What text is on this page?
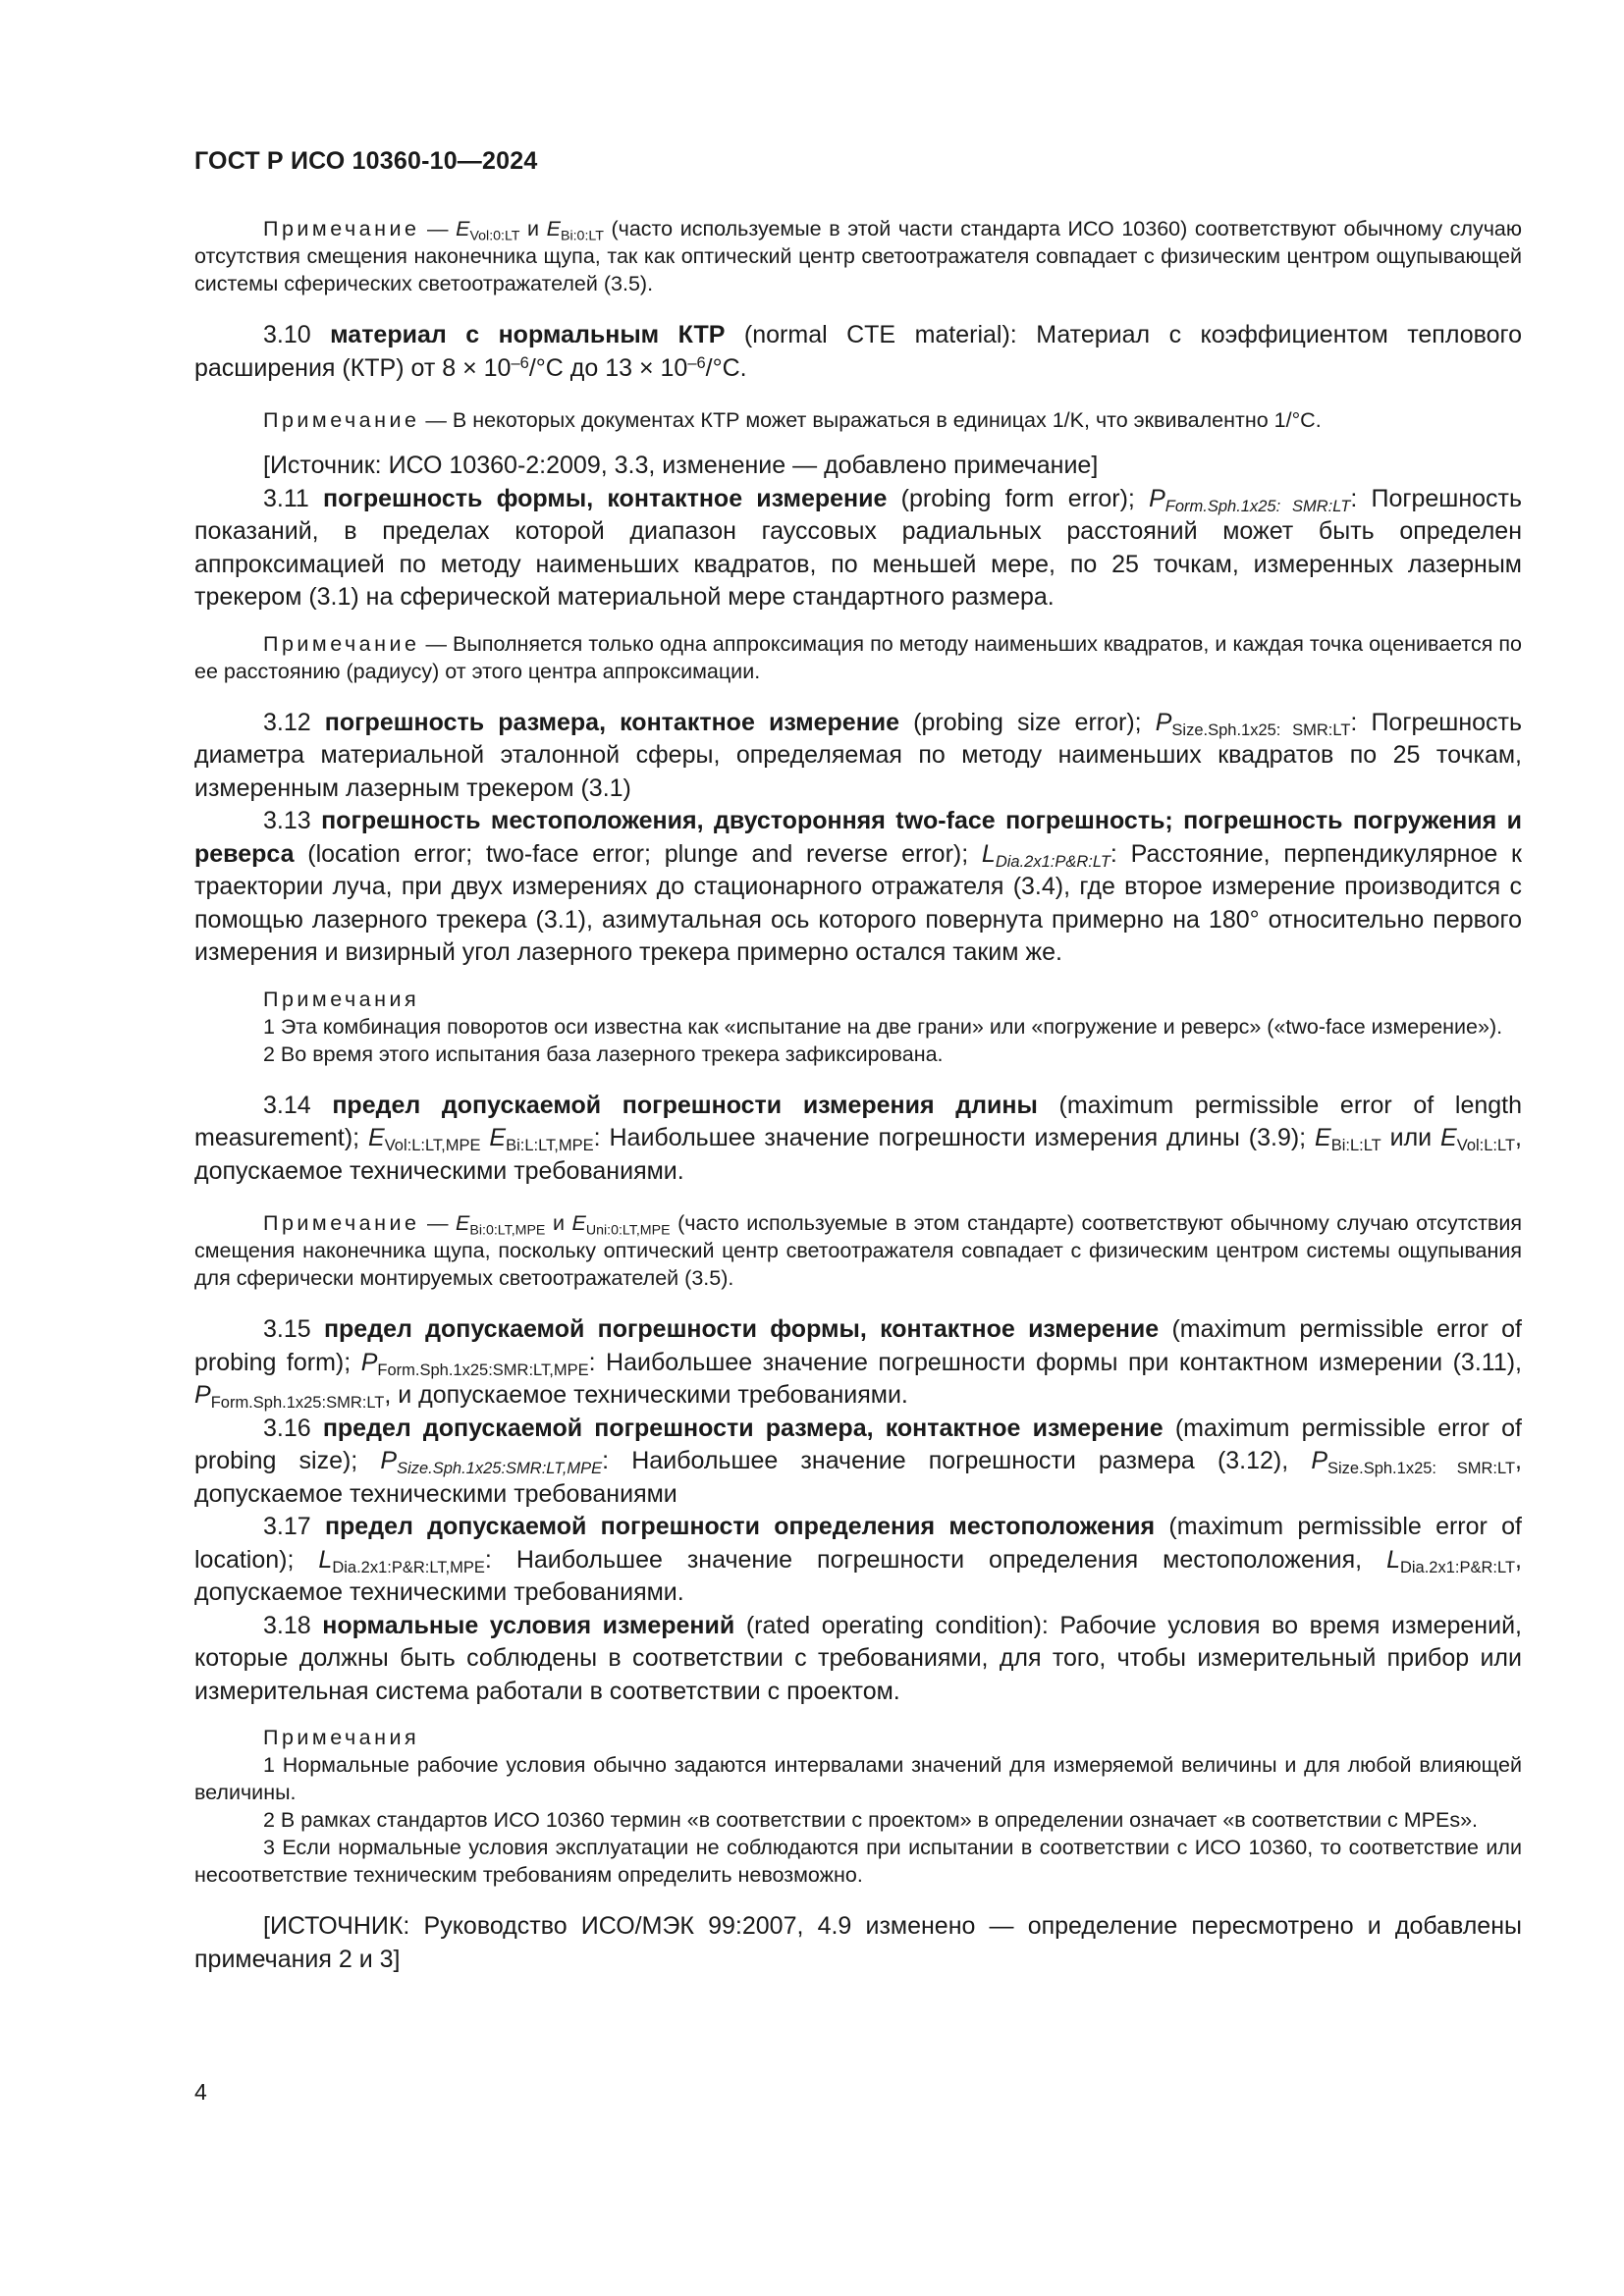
ГОСТ Р ИСО 10360-10—2024

Примечание — $E_{Vol:0:LT}$ и $E_{Bi:0:LT}$ (часто используемые в этой части стандарта ИСО 10360) соответствуют обычному случаю отсутствия смещения наконечника щупа, так как оптический центр светоотражателя совпадает с физическим центром ощупывающей системы сферических светоотражателей (3.5).

3.10 материал с нормальным КТР (normal CTE material): Материал с коэффициентом теплового расширения (КТР) от $8 \times 10^{-6}/^\circ C$ до $13 \times 10^{-6}/^\circ C$.

Примечание — В некоторых документах КТР может выражаться в единицах 1/K, что эквивалентно 1/°C.

[Источник: ИСО 10360-2:2009, 3.3, изменение — добавлено примечание]

3.11 погрешность формы, контактное измерение (probing form error); $P_{Form.Sph.1x25: SMR:LT}$: Погрешность показаний, в пределах которой диапазон гауссовых радиальных расстояний может быть определен аппроксимацией по методу наименьших квадратов, по меньшей мере, по 25 точкам, измеренных лазерным трекером (3.1) на сферической материальной мере стандартного размера.

Примечание — Выполняется только одна аппроксимация по методу наименьших квадратов, и каждая точка оценивается по ее расстоянию (радиусу) от этого центра аппроксимации.

3.12 погрешность размера, контактное измерение (probing size error); $P_{Size.Sph.1x25: SMR:LT}$: Погрешность диаметра материальной эталонной сферы, определяемая по методу наименьших квадратов по 25 точкам, измеренным лазерным трекером (3.1)

3.13 погрешность местоположения, двусторонняя two-face погрешность; погрешность погружения и реверса (location error; two-face error; plunge and reverse error); $L_{Dia.2x1:P\&R:LT}$: Расстояние, перпендикулярное к траектории луча, при двух измерениях до стационарного отражателя (3.4), где второе измерение производится с помощью лазерного трекера (3.1), азимутальная ось которого повернута примерно на 180° относительно первого измерения и визирный угол лазерного трекера примерно остался таким же.

Примечания

1 Эта комбинация поворотов оси известна как «испытание на две грани» или «погружение и реверс» («two-face измерение»).

2 Во время этого испытания база лазерного трекера зафиксирована.

3.14 предел допускаемой погрешности измерения длины (maximum permissible error of length measurement); $E_{Vol:L:LT,MPE}$ $E_{Bi:L:LT,MPE}$: Наибольшее значение погрешности измерения длины (3.9); $E_{Bi:L:LT}$ или $E_{Vol:L:LT}$, допускаемое техническими требованиями.

Примечание — $E_{Bi:0:LT,MPE}$ и $E_{Uni:0:LT,MPE}$ (часто используемые в этом стандарте) соответствуют обычному случаю отсутствия смещения наконечника щупа, поскольку оптический центр светоотражателя совпадает с физическим центром системы ощупывания для сферически монтируемых светоотражателей (3.5).

3.15 предел допускаемой погрешности формы, контактное измерение (maximum permissible error of probing form); $P_{Form.Sph.1x25:SMR:LT,MPE}$: Наибольшее значение погрешности формы при контактном измерении (3.11), $P_{Form.Sph.1x25:SMR:LT}$, и допускаемое техническими требованиями.

3.16 предел допускаемой погрешности размера, контактное измерение (maximum permissible error of probing size); $P_{Size.Sph.1x25:SMR:LT,MPE}$: Наибольшее значение погрешности размера (3.12), $P_{Size.Sph.1x25: SMR:LT}$, допускаемое техническими требованиями

3.17 предел допускаемой погрешности определения местоположения (maximum permissible error of location); $L_{Dia.2x1:P\&R:LT,MPE}$: Наибольшее значение погрешности определения местоположения, $L_{Dia.2x1:P\&R:LT}$, допускаемое техническими требованиями.

3.18 нормальные условия измерений (rated operating condition): Рабочие условия во время измерений, которые должны быть соблюдены в соответствии с требованиями, для того, чтобы измерительный прибор или измерительная система работали в соответствии с проектом.

Примечания

1 Нормальные рабочие условия обычно задаются интервалами значений для измеряемой величины и для любой влияющей величины.

2 В рамках стандартов ИСО 10360 термин «в соответствии с проектом» в определении означает «в соответствии с MPEs».

3 Если нормальные условия эксплуатации не соблюдаются при испытании в соответствии с ИСО 10360, то соответствие или несоответствие техническим требованиям определить невозможно.

[ИСТОЧНИК: Руководство ИСО/МЭК 99:2007, 4.9 изменено — определение пересмотрено и добавлены примечания 2 и 3]

4
